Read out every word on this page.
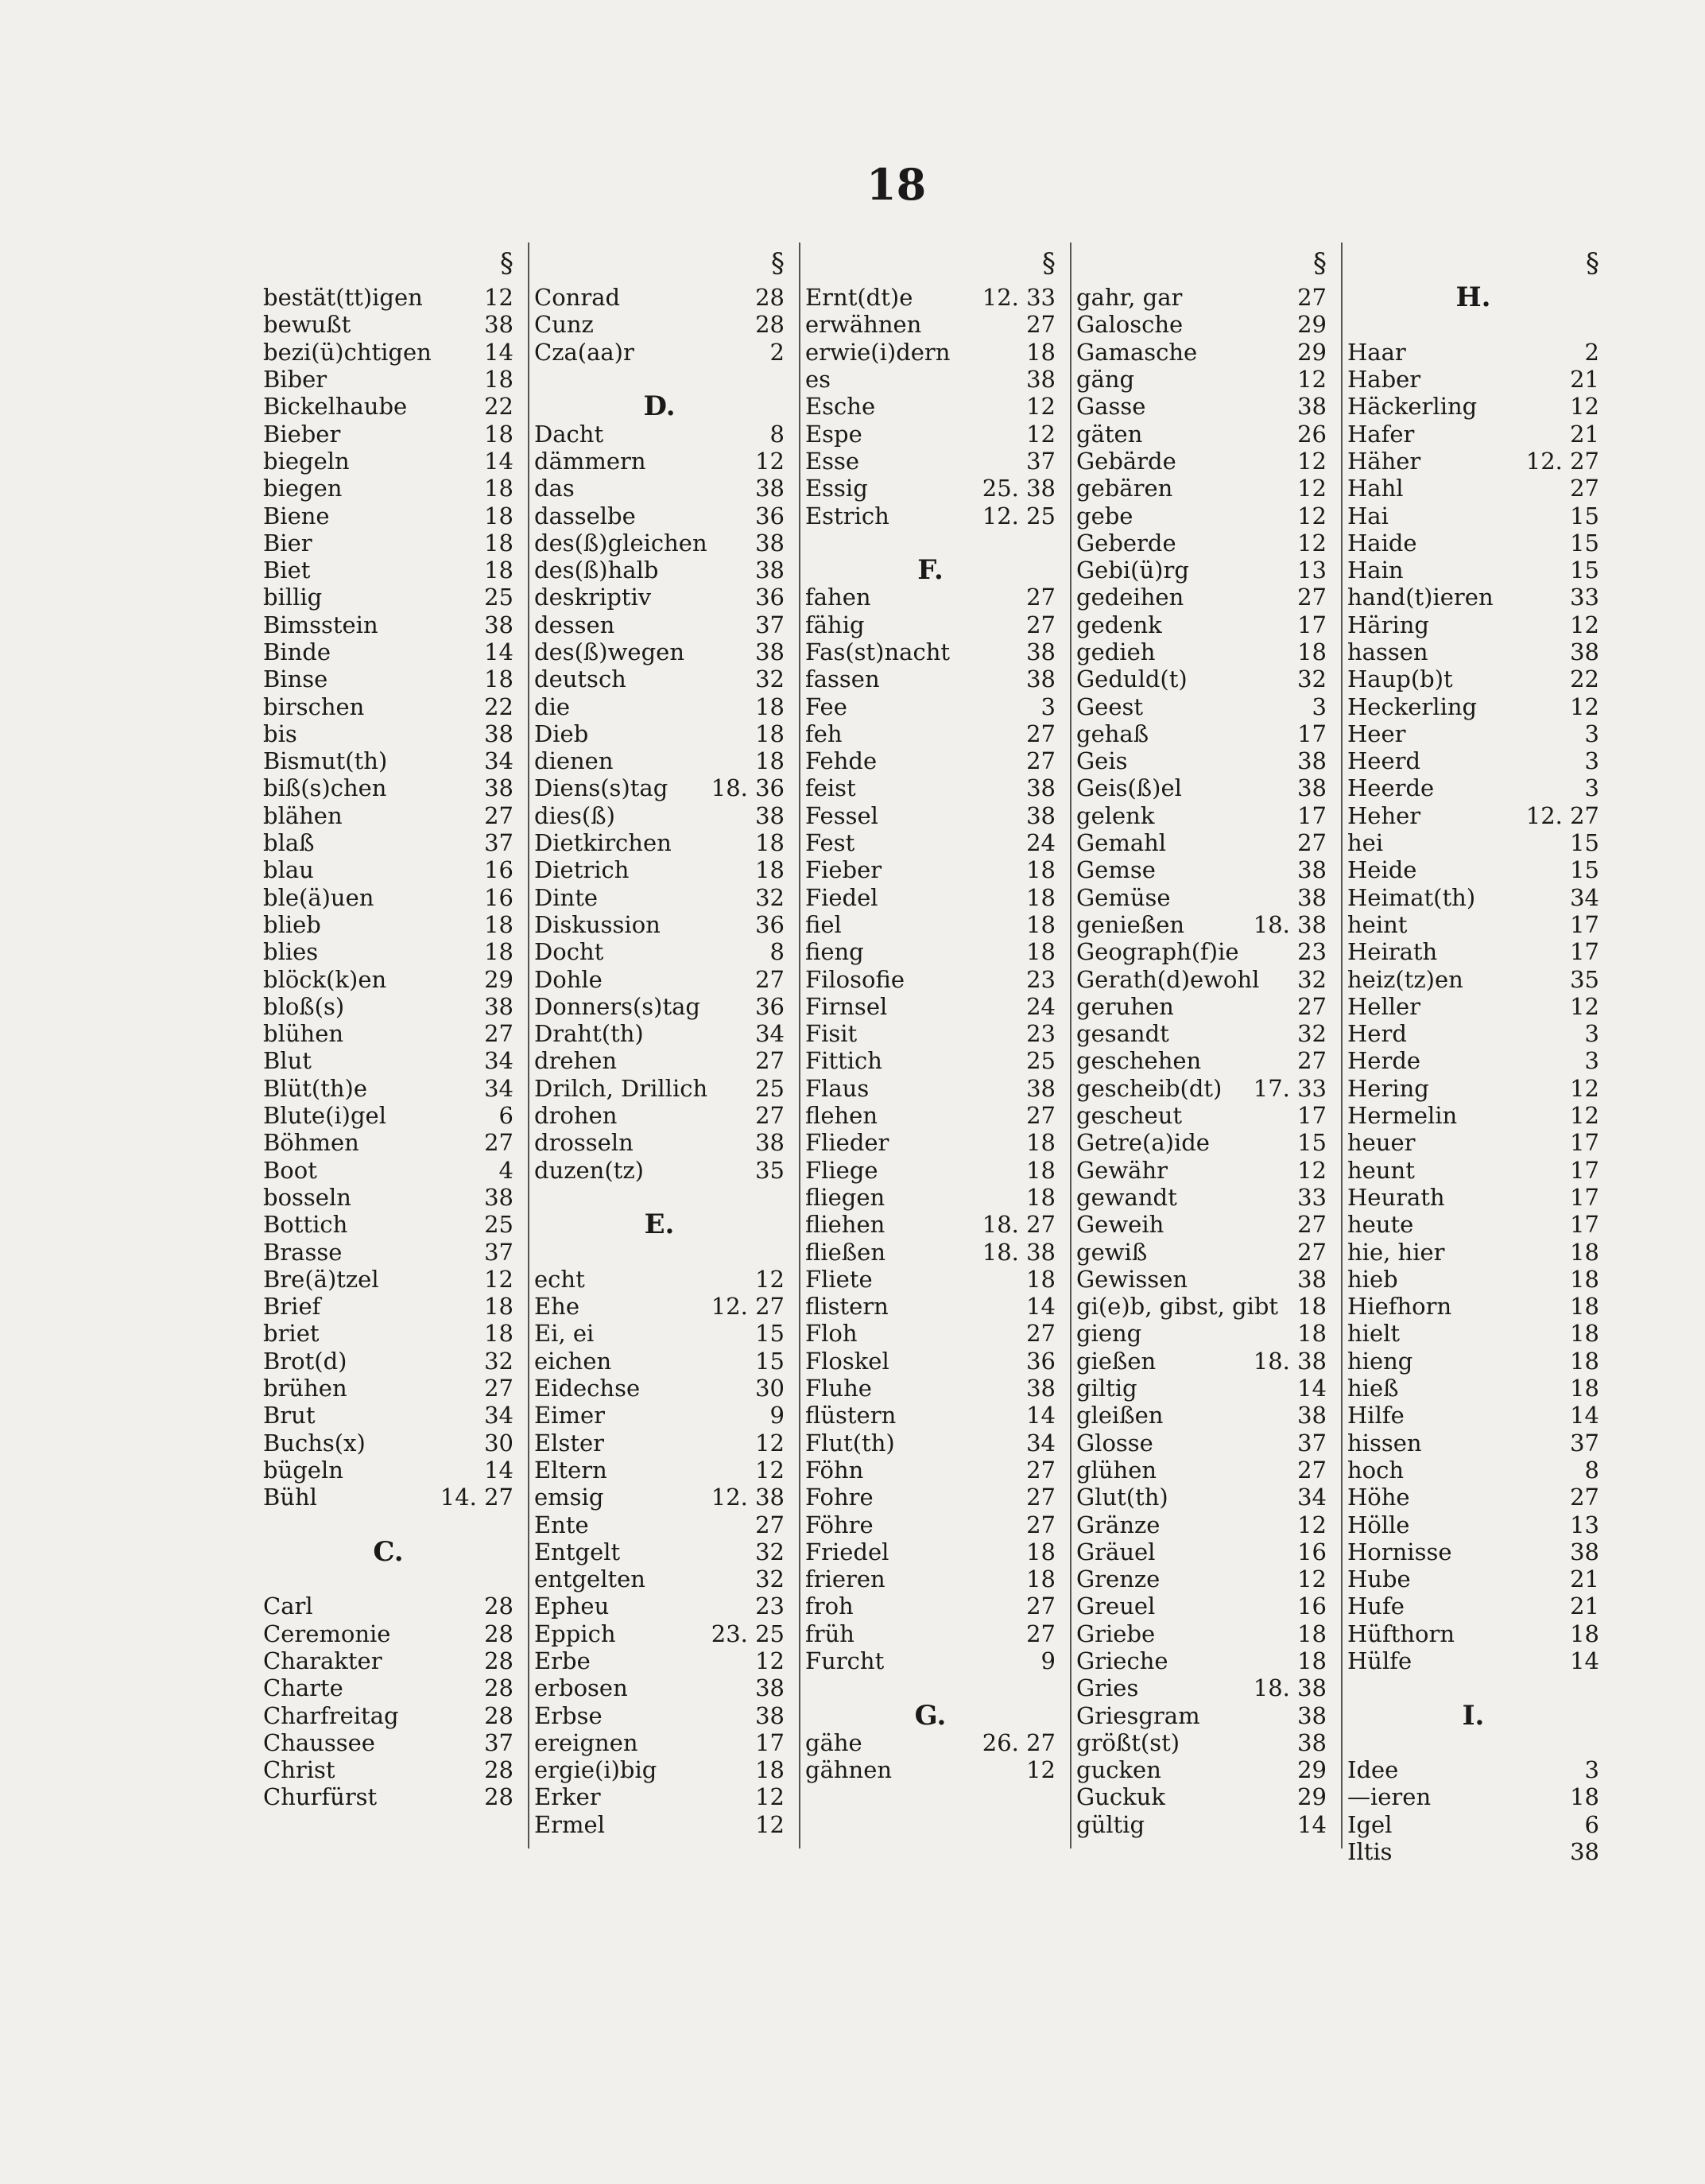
18
§
bestät(tt)igen	12
bewußt	38
bezi(ü)chtigen	14
Biber	18
Bickelhaube	22
Bieber	18
biegeln	14
biegen	18
Biene	18
Bier	18
Biet	18
billig	25
Bimsstein	38
Binde	14
Binse	18
birschen	22
bis	38
Bismut(th)	34
biß(s)chen	38
blähen	27
blaß	37
blau	16
ble(ä)uen	16
blieb	18
blies	18
blöck(k)en	29
bloß(s)	38
blühen	27
Blut	34
Blüt(th)e	34
Blute(i)gel	6
Böhmen	27
Boot	4
bosseln	38
Bottich	25
Brasse	37
Bre(ä)tzel	12
Brief	18
briet	18
Brot(d)	32
brühen	27
Brut	34
Buchs(x)	30
bügeln	14
Bühl	14. 27
C.
Carl	28
Ceremonie	28
Charakter	28
Charte	28
Charfreitag	28
Chaussee	37
Christ	28
Churfürst	28
§
Conrad	28
Cunz	28
Cza(aa)r	2
D.
Dacht	8
dämmern	12
das	38
dasselbe	36
des(ß)gleichen	38
des(ß)halb	38
deskriptiv	36
dessen	37
des(ß)wegen	38
deutsch	32
die	18
Dieb	18
dienen	18
Diens(s)tag	18. 36
dies(ß)	38
Dietkirchen	18
Dietrich	18
Dinte	32
Diskussion	36
Docht	8
Dohle	27
Donners(s)tag	36
Draht(th)	34
drehen	27
Drilch, Drillich	25
drohen	27
drosseln	38
duzen(tz)	35
E.
echt	12
Ehe	12. 27
Ei, ei	15
eichen	15
Eidechse	30
Eimer	9
Elster	12
Eltern	12
emsig	12. 38
Ente	27
Entgelt	32
entgelten	32
Epheu	23
Eppich	23. 25
Erbe	12
erbosen	38
Erbse	38
ereignen	17
ergie(i)big	18
Erker	12
Ermel	12
§
Ernt(dt)e	12. 33
erwähnen	27
erwie(i)dern	18
es	38
Esche	12
Espe	12
Esse	37
Essig	25. 38
Estrich	12. 25
F.
fahen	27
fähig	27
Fas(st)nacht	38
fassen	38
Fee	3
feh	27
Fehde	27
feist	38
Fessel	38
Fest	24
Fieber	18
Fiedel	18
fiel	18
fieng	18
Filosofie	23
Firnsel	24
Fisit	23
Fittich	25
Flaus	38
flehen	27
Flieder	18
Fliege	18
fliegen	18
fliehen	18. 27
fließen	18. 38
Fliete	18
flistern	14
Floh	27
Floskel	36
Fluhe	38
flüstern	14
Flut(th)	34
Föhn	27
Fohre	27
Föhre	27
Friedel	18
frieren	18
froh	27
früh	27
Furcht	9
G.
gähe	26. 27
gähnen	12
§
gahr, gar	27
Galosche	29
Gamasche	29
gäng	12
Gasse	38
gäten	26
Gebärde	12
gebären	12
gebe	12
Geberde	12
Gebi(ü)rg	13
gedeihen	27
gedenk	17
gedieh	18
Geduld(t)	32
Geest	3
gehaß	17
Geis	38
Geis(ß)el	38
gelenk	17
Gemahl	27
Gemse	38
Gemüse	38
genießen	18. 38
Geograph(f)ie	23
Gerath(d)ewohl	32
geruhen	27
gesandt	32
geschehen	27
gescheib(dt)	17. 33
gescheut	17
Getre(a)ide	15
Gewähr	12
gewandt	33
Geweih	27
gewiß	27
Gewissen	38
gi(e)b, gibst, gibt 18
gieng	18
gießen	18. 38
giltig	14
gleißen	38
Glosse	37
glühen	27
Glut(th)	34
Gränze	12
Gräuel	16
Grenze	12
Greuel	16
Griebe	18
Grieche	18
Gries	18. 38
Griesgram	38
größt(st)	38
gucken	29
Guckuk	29
gültig	14
§
H.
Haar	2
Haber	21
Häckerling	12
Hafer	21
Häher	12. 27
Hahl	27
Hai	15
Haide	15
Hain	15
hand(t)ieren	33
Häring	12
hassen	38
Haup(b)t	22
Heckerling	12
Heer	3
Heerd	3
Heerde	3
Heher	12. 27
hei	15
Heide	15
Heimat(th)	34
heint	17
Heirath	17
heiz(tz)en	35
Heller	12
Herd	3
Herde	3
Hering	12
Hermelin	12
heuer	17
heunt	17
Heurath	17
heute	17
hie, hier	18
hieb	18
Hiefhorn	18
hielt	18
hieng	18
hieß	18
Hilfe	14
hissen	37
hoch	8
Höhe	27
Hölle	13
Hornisse	38
Hube	21
Hufe	21
Hüfthorn	18
Hülfe	14
I.
Idee	3
—ieren	18
Igel	6
Iltis	38
